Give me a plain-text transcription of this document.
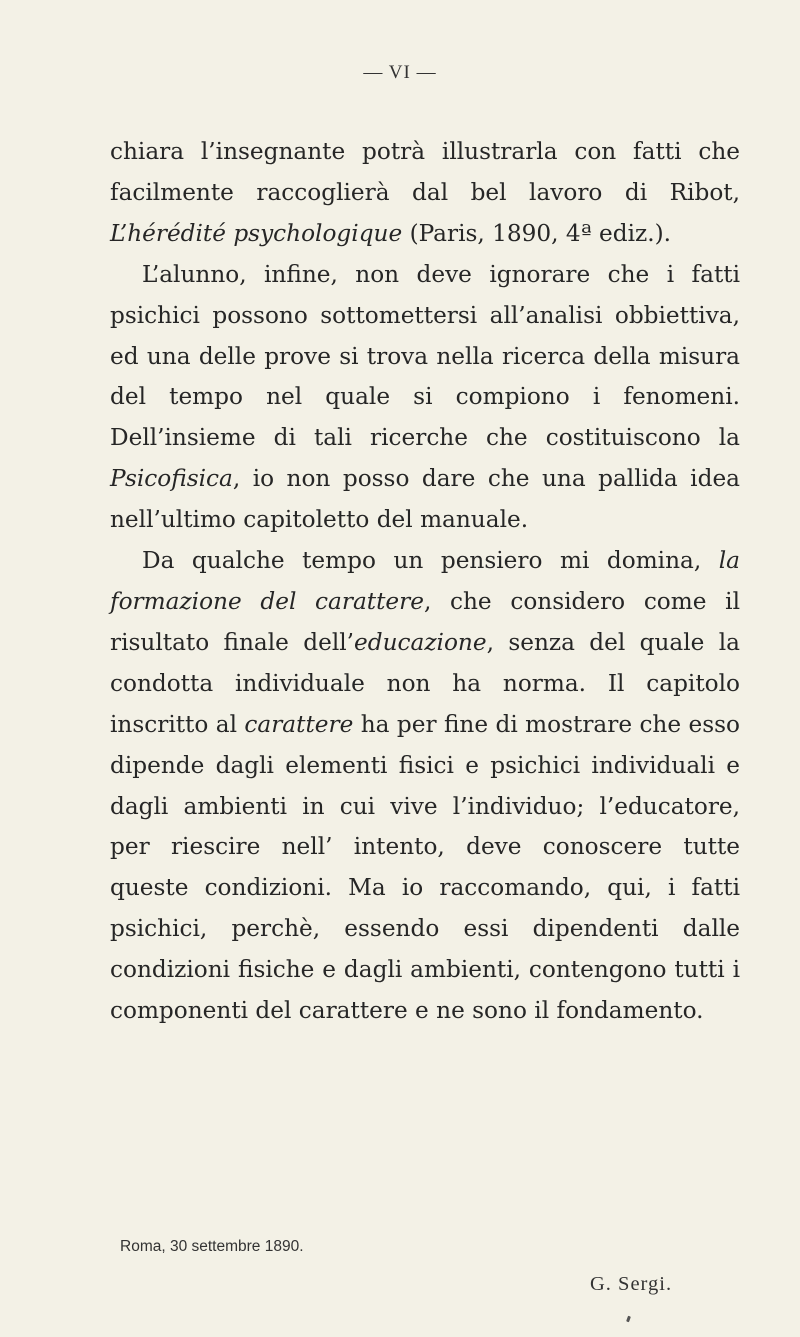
— VI —

chiara l’insegnante potrà illustrarla con fatti che facilmente raccoglierà dal bel lavoro di Ribot, L’hérédité psychologique (Paris, 1890, 4ª ediz.).

L’alunno, infine, non deve ignorare che i fatti psichici possono sottomettersi all’analisi obbiettiva, ed una delle prove si trova nella ricerca della misura del tempo nel quale si compiono i fenomeni. Dell’insieme di tali ricerche che costituiscono la Psicofisica, io non posso dare che una pallida idea nell’ultimo capitoletto del manuale.

Da qualche tempo un pensiero mi domina, la formazione del carattere, che considero come il risultato finale dell’educazione, senza del quale la condotta individuale non ha norma. Il capitolo inscritto al carattere ha per fine di mostrare che esso dipende dagli elementi fisici e psichici individuali e dagli ambienti in cui vive l’individuo; l’educatore, per riescire nell’ intento, deve conoscere tutte queste condizioni. Ma io raccomando, qui, i fatti psichici, perchè, essendo essi dipendenti dalle condizioni fisiche e dagli ambienti, contengono tutti i componenti del carattere e ne sono il fondamento.

Roma, 30 settembre 1890.
G. Sergi.
